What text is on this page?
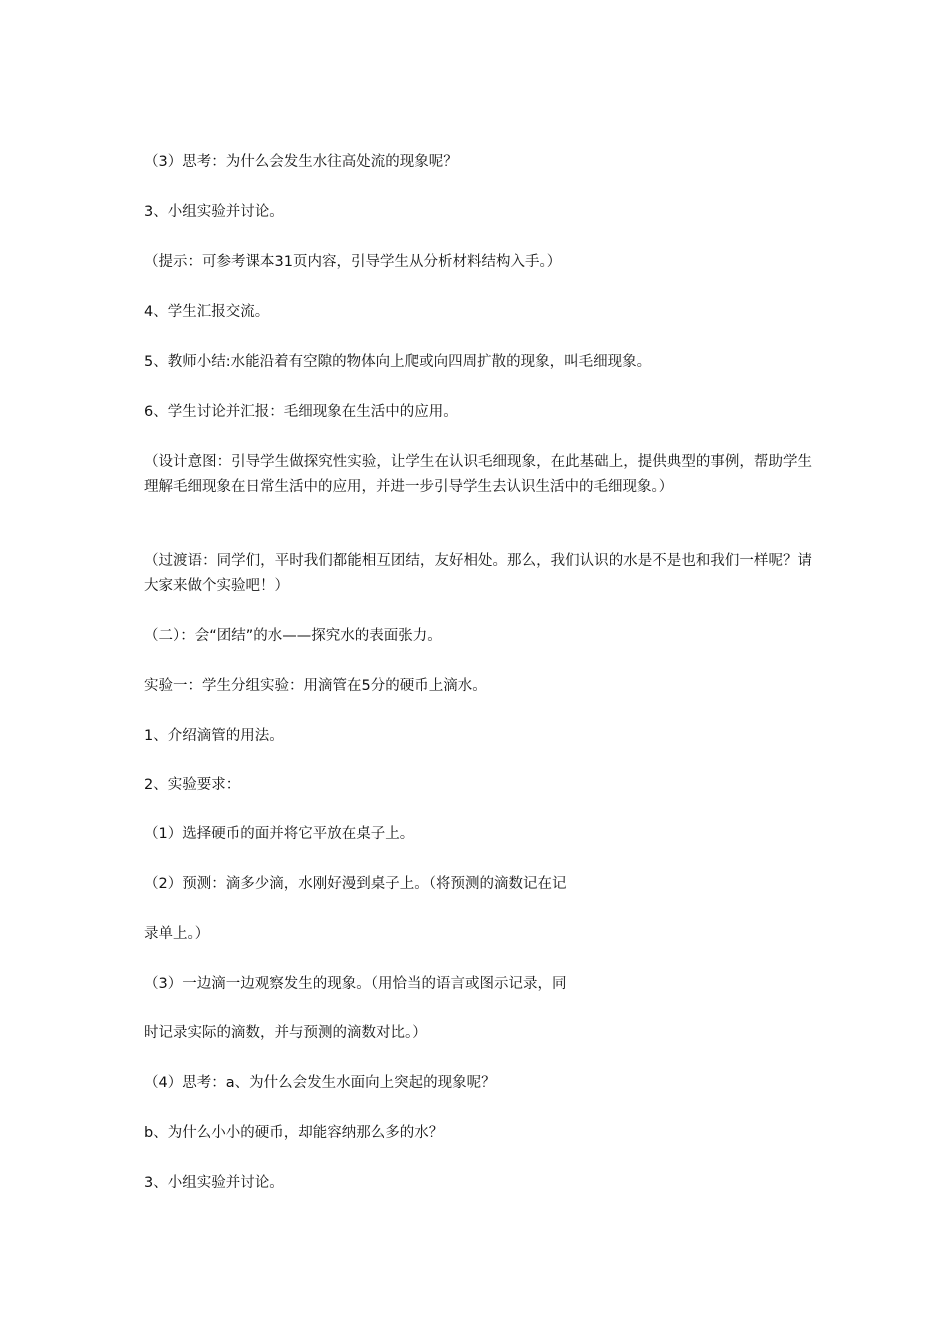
（3）思考：为什么会发生水往高处流的现象呢？
3、小组实验并讨论。
（提示：可参考课本31页内容，引导学生从分析材料结构入手。）
4、学生汇报交流。
5、教师小结:水能沿着有空隙的物体向上爬或向四周扩散的现象，叫毛细现象。
6、学生讨论并汇报：毛细现象在生活中的应用。
（设计意图：引导学生做探究性实验，让学生在认识毛细现象，在此基础上，提供典型的事例，帮助学生理解毛细现象在日常生活中的应用，并进一步引导学生去认识生活中的毛细现象。）
（过渡语：同学们，平时我们都能相互团结，友好相处。那么，我们认识的水是不是也和我们一样呢？请大家来做个实验吧！）
（二）：会“团结”的水——探究水的表面张力。
实验一：学生分组实验：用滴管在5分的硬币上滴水。
1、介绍滴管的用法。
2、实验要求：
（1）选择硬币的面并将它平放在桌子上。
（2）预测：滴多少滴，水刚好漫到桌子上。（将预测的滴数记在记
录单上。）
（3）一边滴一边观察发生的现象。（用恰当的语言或图示记录，同
时记录实际的滴数，并与预测的滴数对比。）
（4）思考：a、为什么会发生水面向上突起的现象呢？
b、为什么小小的硬币，却能容纳那么多的水？
3、小组实验并讨论。
